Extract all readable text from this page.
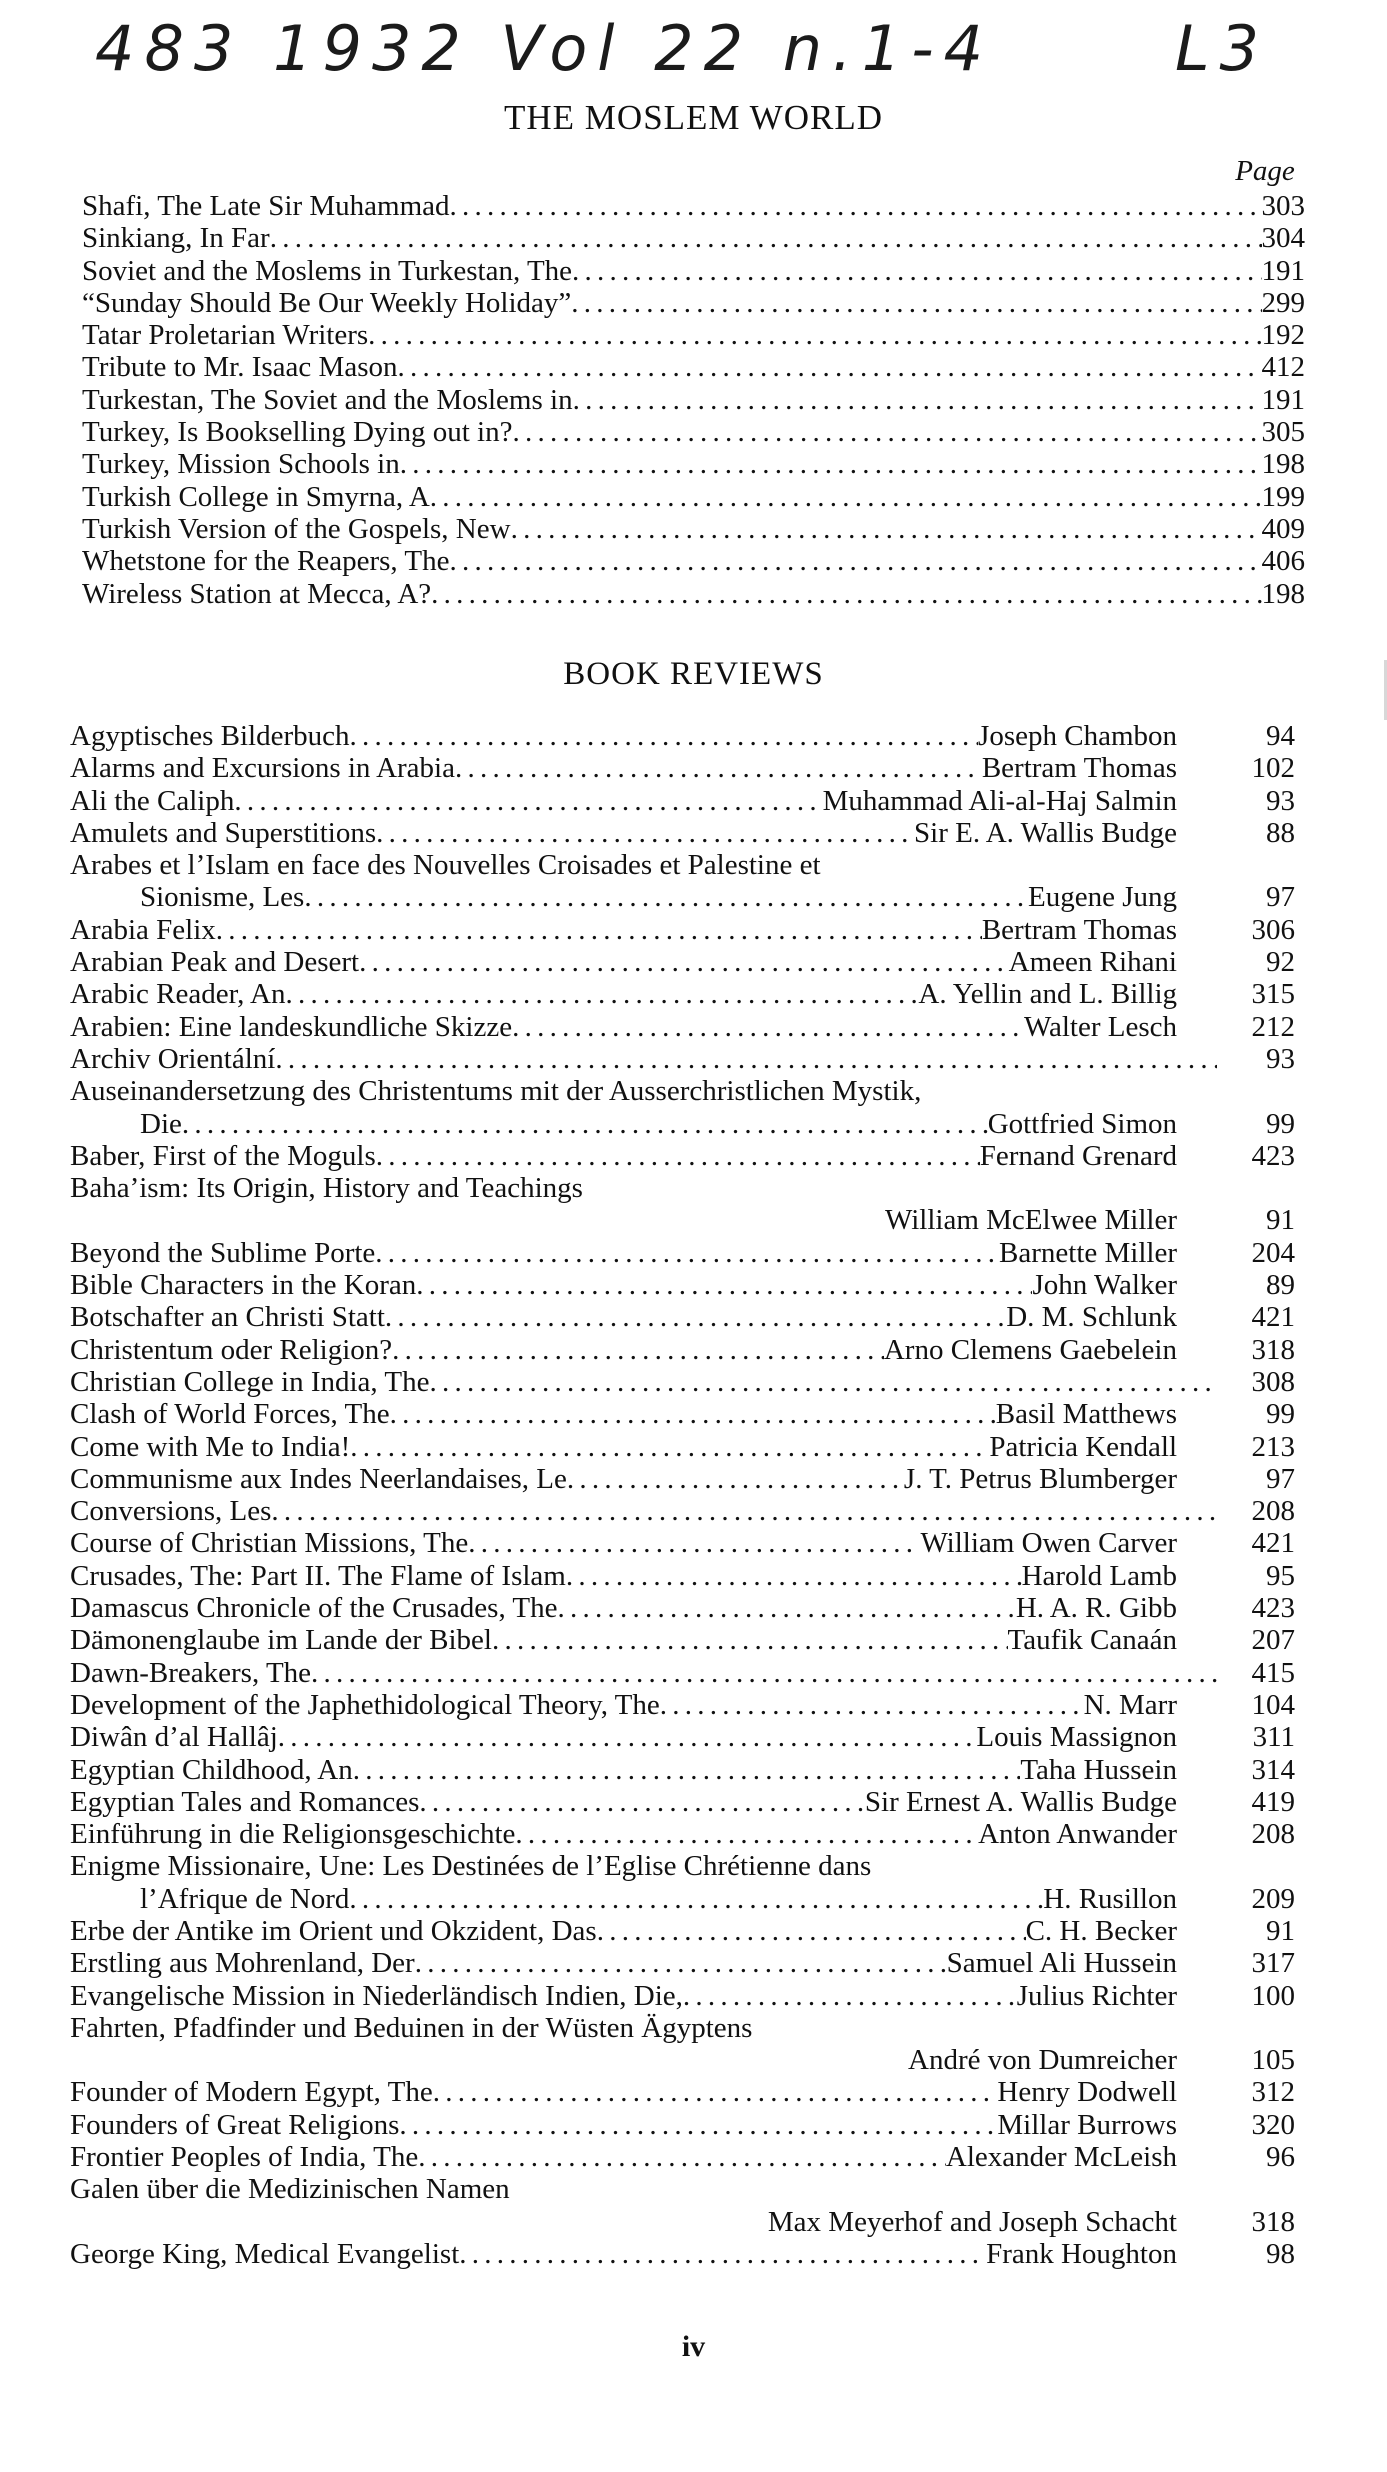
483 1932 Vol 22 n.1-4	L3
THE MOSLEM WORLD
Page
Shafi, The Late Sir Muhammad . . .	303
Sinkiang, In Far . . .	304
Soviet and the Moslems in Turkestan, The . . .	191
“Sunday Should Be Our Weekly Holiday” . . .	299
Tatar Proletarian Writers . . .	192
Tribute to Mr. Isaac Mason . . .	412
Turkestan, The Soviet and the Moslems in . . .	191
Turkey, Is Bookselling Dying out in? . . .	305
Turkey, Mission Schools in . . .	198
Turkish College in Smyrna, A . . .	199
Turkish Version of the Gospels, New . . .	409
Whetstone for the Reapers, The . . .	406
Wireless Station at Mecca, A? . . .	198
BOOK REVIEWS
Agyptisches Bilderbuch . . .	Joseph Chambon	94
Alarms and Excursions in Arabia . . .	Bertram Thomas	102
Ali the Caliph . . .	Muhammad Ali-al-Haj Salmin	93
Amulets and Superstitions . . .	Sir E. A. Wallis Budge	88
Arabes et l’Islam en face des Nouvelles Croisades et Palestine et
Sionisme, Les . . .	Eugene Jung	97
Arabia Felix . . .	Bertram Thomas	306
Arabian Peak and Desert . . .	Ameen Rihani	92
Arabic Reader, An . . .	A. Yellin and L. Billig	315
Arabien: Eine landeskundliche Skizze . . .	Walter Lesch	212
Archiv Orientální . . .	93
Auseinandersetzung des Christentums mit der Ausserchristlichen Mystik,
Die . . .	Gottfried Simon	99
Baber, First of the Moguls . . .	Fernand Grenard	423
Baha’ism: Its Origin, History and Teachings
William McElwee Miller	91
Beyond the Sublime Porte . . .	Barnette Miller	204
Bible Characters in the Koran . . .	John Walker	89
Botschafter an Christi Statt . . .	D. M. Schlunk	421
Christentum oder Religion? . . .	Arno Clemens Gaebelein	318
Christian College in India, The . . .	308
Clash of World Forces, The . . .	Basil Matthews	99
Come with Me to India! . . .	Patricia Kendall	213
Communisme aux Indes Neerlandaises, Le . . .	J. T. Petrus Blumberger	97
Conversions, Les . . .	208
Course of Christian Missions, The . . .	William Owen Carver	421
Crusades, The: Part II. The Flame of Islam . . .	Harold Lamb	95
Damascus Chronicle of the Crusades, The . . .	H. A. R. Gibb	423
Dämonenglaube im Lande der Bibel . . .	Taufik Canaán	207
Dawn-Breakers, The . . .	415
Development of the Japhethidological Theory, The . . .	N. Marr	104
Diwân d’al Hallâj . . .	Louis Massignon	311
Egyptian Childhood, An . . .	Taha Hussein	314
Egyptian Tales and Romances . . .	Sir Ernest A. Wallis Budge	419
Einführung in die Religionsgeschichte . . .	Anton Anwander	208
Enigme Missionaire, Une: Les Destinées de l’Eglise Chrétienne dans
l’Afrique de Nord . . .	H. Rusillon	209
Erbe der Antike im Orient und Okzident, Das . . .	C. H. Becker	91
Erstling aus Mohrenland, Der . . .	Samuel Ali Hussein	317
Evangelische Mission in Niederländisch Indien, Die, . . .	Julius Richter	100
Fahrten, Pfadfinder und Beduinen in der Wüsten Ägyptens
André von Dumreicher	105
Founder of Modern Egypt, The . . .	Henry Dodwell	312
Founders of Great Religions . . .	Millar Burrows	320
Frontier Peoples of India, The . . .	Alexander McLeish	96
Galen über die Medizinischen Namen
Max Meyerhof and Joseph Schacht	318
George King, Medical Evangelist . . .	Frank Houghton	98
iv
